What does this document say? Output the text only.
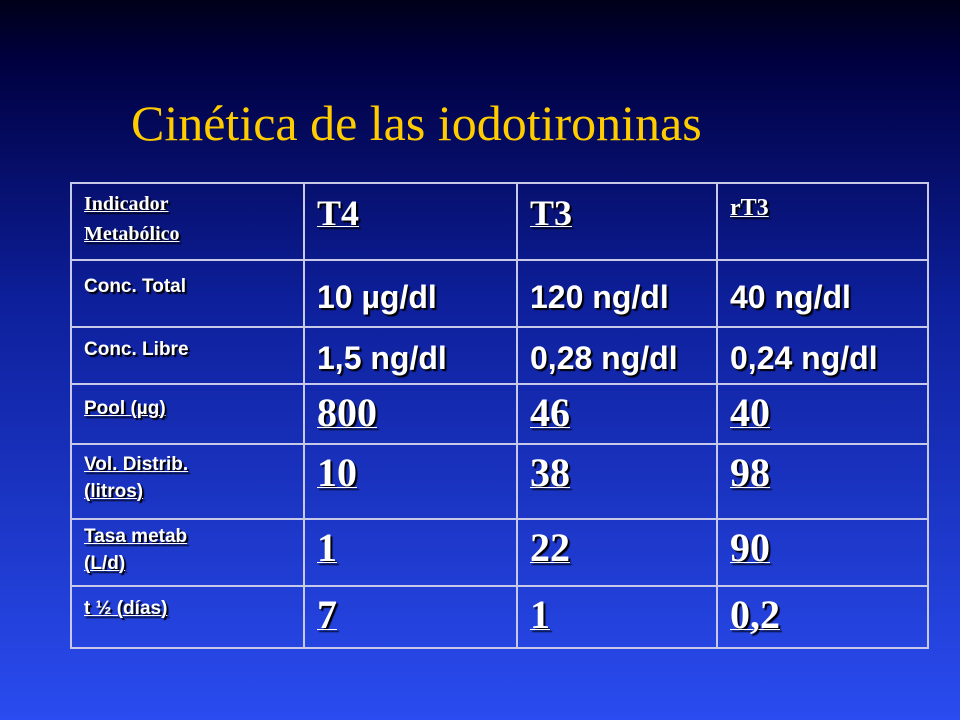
Cinética de las iodotironinas
Indicador
Metabólico	T4	T3	rT3

Conc. Total	10 µg/dl	120 ng/dl	40 ng/dl

Conc. Libre	1,5 ng/dl	0,28 ng/dl	0,24 ng/dl

Pool (µg)	800	46	40

Vol. Distrib.
(litros)	10	38	98

Tasa metab
(L/d)	1	22	90

t ½ (días)	7	1	0,2
